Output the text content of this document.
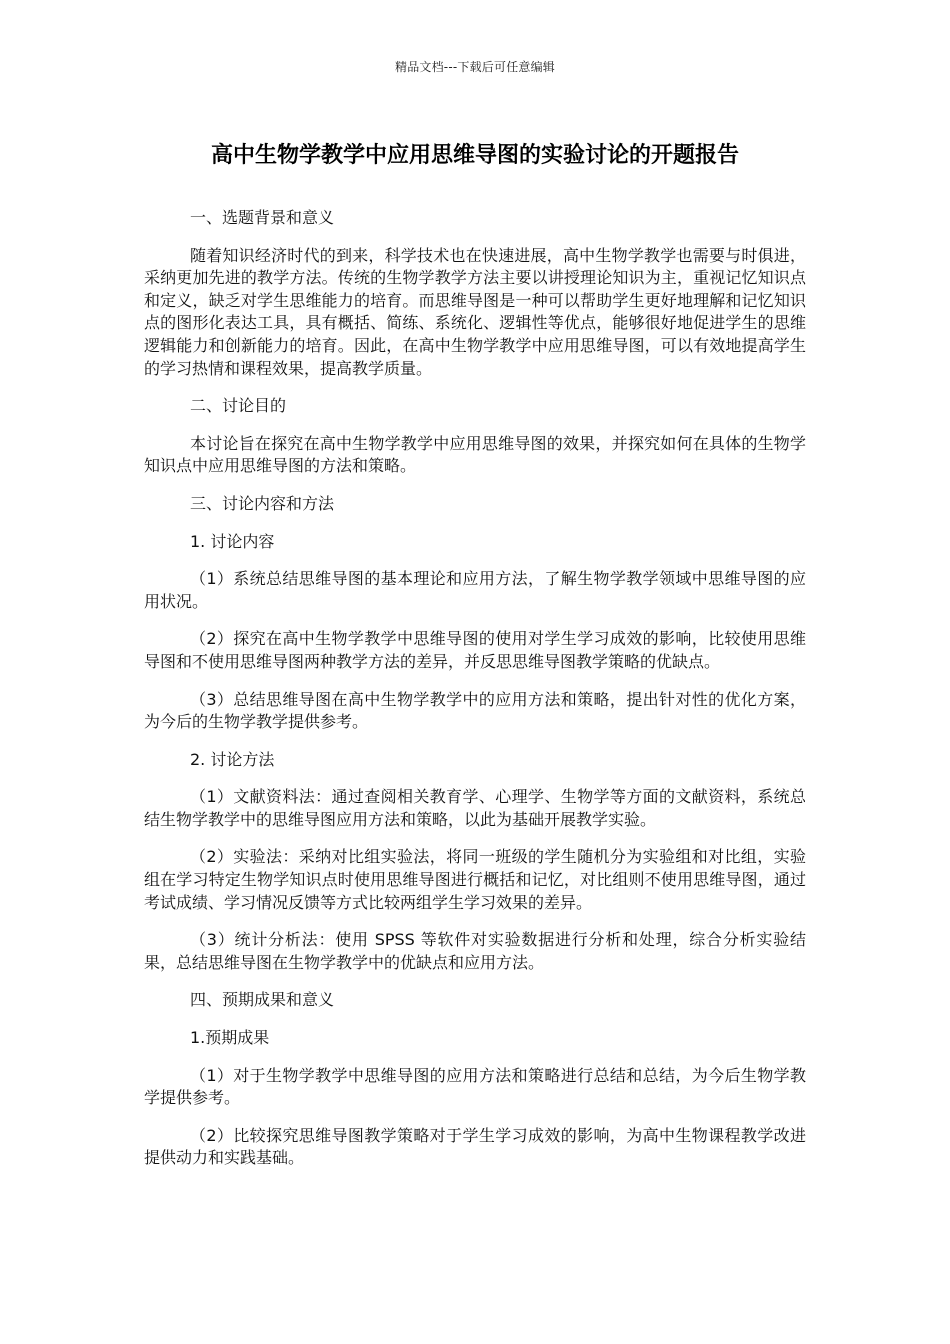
精品文档---下载后可任意编辑
高中生物学教学中应用思维导图的实验讨论的开题报告

一、选题背景和意义

随着知识经济时代的到来，科学技术也在快速进展，高中生物学教学也需要与时俱进，采纳更加先进的教学方法。传统的生物学教学方法主要以讲授理论知识为主，重视记忆知识点和定义，缺乏对学生思维能力的培育。而思维导图是一种可以帮助学生更好地理解和记忆知识点的图形化表达工具，具有概括、简练、系统化、逻辑性等优点，能够很好地促进学生的思维逻辑能力和创新能力的培育。因此，在高中生物学教学中应用思维导图，可以有效地提高学生的学习热情和课程效果，提高教学质量。

二、讨论目的

本讨论旨在探究在高中生物学教学中应用思维导图的效果，并探究如何在具体的生物学知识点中应用思维导图的方法和策略。

三、讨论内容和方法

1. 讨论内容

（1）系统总结思维导图的基本理论和应用方法，了解生物学教学领域中思维导图的应用状况。

（2）探究在高中生物学教学中思维导图的使用对学生学习成效的影响，比较使用思维导图和不使用思维导图两种教学方法的差异，并反思思维导图教学策略的优缺点。

（3）总结思维导图在高中生物学教学中的应用方法和策略，提出针对性的优化方案，为今后的生物学教学提供参考。

2. 讨论方法

（1）文献资料法：通过查阅相关教育学、心理学、生物学等方面的文献资料，系统总结生物学教学中的思维导图应用方法和策略，以此为基础开展教学实验。

（2）实验法：采纳对比组实验法，将同一班级的学生随机分为实验组和对比组，实验组在学习特定生物学知识点时使用思维导图进行概括和记忆，对比组则不使用思维导图，通过考试成绩、学习情况反馈等方式比较两组学生学习效果的差异。

（3）统计分析法：使用 SPSS 等软件对实验数据进行分析和处理，综合分析实验结果，总结思维导图在生物学教学中的优缺点和应用方法。

四、预期成果和意义

1.预期成果

（1）对于生物学教学中思维导图的应用方法和策略进行总结和总结，为今后生物学教学提供参考。

（2）比较探究思维导图教学策略对于学生学习成效的影响，为高中生物课程教学改进提供动力和实践基础。
